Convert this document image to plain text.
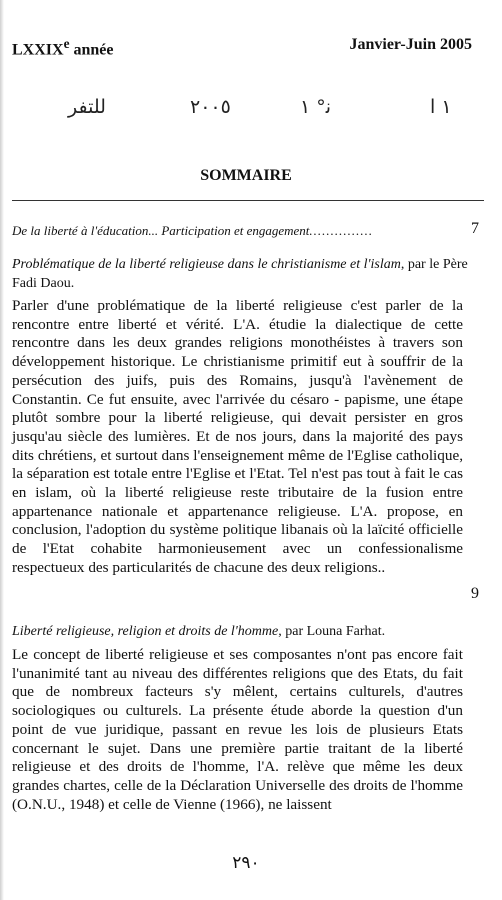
LXXIXe année	Janvier-Juin 2005
ﻟﻠﺘﻔﺮ	٢٠٠٥	ﻧ° ١	١ ﺍ
SOMMAIRE
De la liberté à l'éducation... Participation et engagement...............	7
Problématique de la liberté religieuse dans le christianisme et l'islam, par le Père Fadi Daou.

Parler d'une problématique de la liberté religieuse c'est parler de la rencontre entre liberté et vérité. L'A. étudie la dialectique de cette rencontre dans les deux grandes religions monothéistes à travers son développement historique. Le christianisme primitif eut à souffrir de la persécution des juifs, puis des Romains, jusqu'à l'avènement de Constantin. Ce fut ensuite, avec l'arrivée du césaro - papisme, une étape plutôt sombre pour la liberté religieuse, qui devait persister en gros jusqu'au siècle des lumières. Et de nos jours, dans la majorité des pays dits chrétiens, et surtout dans l'enseignement même de l'Eglise catholique, la séparation est totale entre l'Eglise et l'Etat. Tel n'est pas tout à fait le cas en islam, où la liberté religieuse reste tributaire de la fusion entre appartenance nationale et appartenance religieuse. L'A. propose, en conclusion, l'adoption du système politique libanais où la laïcité officielle de l'Etat cohabite harmonieusement avec un confessionalisme respectueux des particularités de chacune des deux religions..

9
Liberté religieuse, religion et droits de l'homme, par Louna Farhat.

Le concept de liberté religieuse et ses composantes n'ont pas encore fait l'unanimité tant au niveau des différentes religions que des Etats, du fait que de nombreux facteurs s'y mêlent, certains culturels, d'autres sociologiques ou culturels. La présente étude aborde la question d'un point de vue juridique, passant en revue les lois de plusieurs Etats concernant le sujet. Dans une première partie traitant de la liberté religieuse et des droits de l'homme, l'A. relève que même les deux grandes chartes, celle de la Déclaration Universelle des droits de l'homme (O.N.U., 1948) et celle de Vienne (1966), ne laissent

٢٩٠
